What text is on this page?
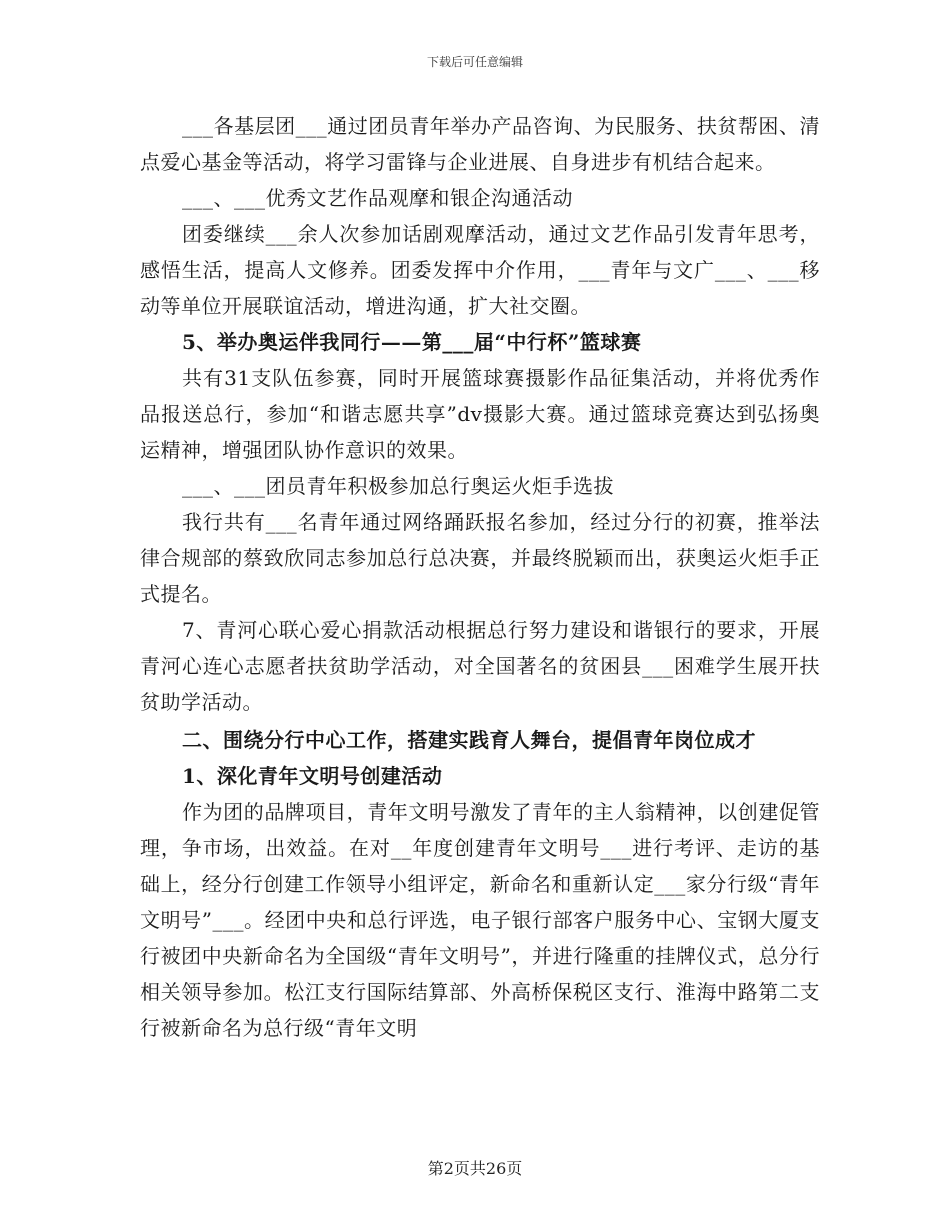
下载后可任意编辑

___各基层团___通过团员青年举办产品咨询、为民服务、扶贫帮困、清点爱心基金等活动，将学习雷锋与企业进展、自身进步有机结合起来。

___、___优秀文艺作品观摩和银企沟通活动

团委继续___余人次参加话剧观摩活动，通过文艺作品引发青年思考，感悟生活，提高人文修养。团委发挥中介作用，___青年与文广___、___移动等单位开展联谊活动，增进沟通，扩大社交圈。

5、举办奥运伴我同行——第___届“中行杯”篮球赛

共有31支队伍参赛，同时开展篮球赛摄影作品征集活动，并将优秀作品报送总行，参加“和谐志愿共享”dv摄影大赛。通过篮球竞赛达到弘扬奥运精神，增强团队协作意识的效果。

___、___团员青年积极参加总行奥运火炬手选拔

我行共有___名青年通过网络踊跃报名参加，经过分行的初赛，推举法律合规部的蔡致欣同志参加总行总决赛，并最终脱颖而出，获奥运火炬手正式提名。

7、青河心联心爱心捐款活动根据总行努力建设和谐银行的要求，开展青河心连心志愿者扶贫助学活动，对全国著名的贫困县___困难学生展开扶贫助学活动。

二、围绕分行中心工作，搭建实践育人舞台，提倡青年岗位成才

1、深化青年文明号创建活动

作为团的品牌项目，青年文明号激发了青年的主人翁精神，以创建促管理，争市场，出效益。在对__年度创建青年文明号___进行考评、走访的基础上，经分行创建工作领导小组评定，新命名和重新认定___家分行级“青年文明号”___。经团中央和总行评选，电子银行部客户服务中心、宝钢大厦支行被团中央新命名为全国级“青年文明号”，并进行隆重的挂牌仪式，总分行相关领导参加。松江支行国际结算部、外高桥保税区支行、淮海中路第二支行被新命名为总行级“青年文明

第2页共26页
